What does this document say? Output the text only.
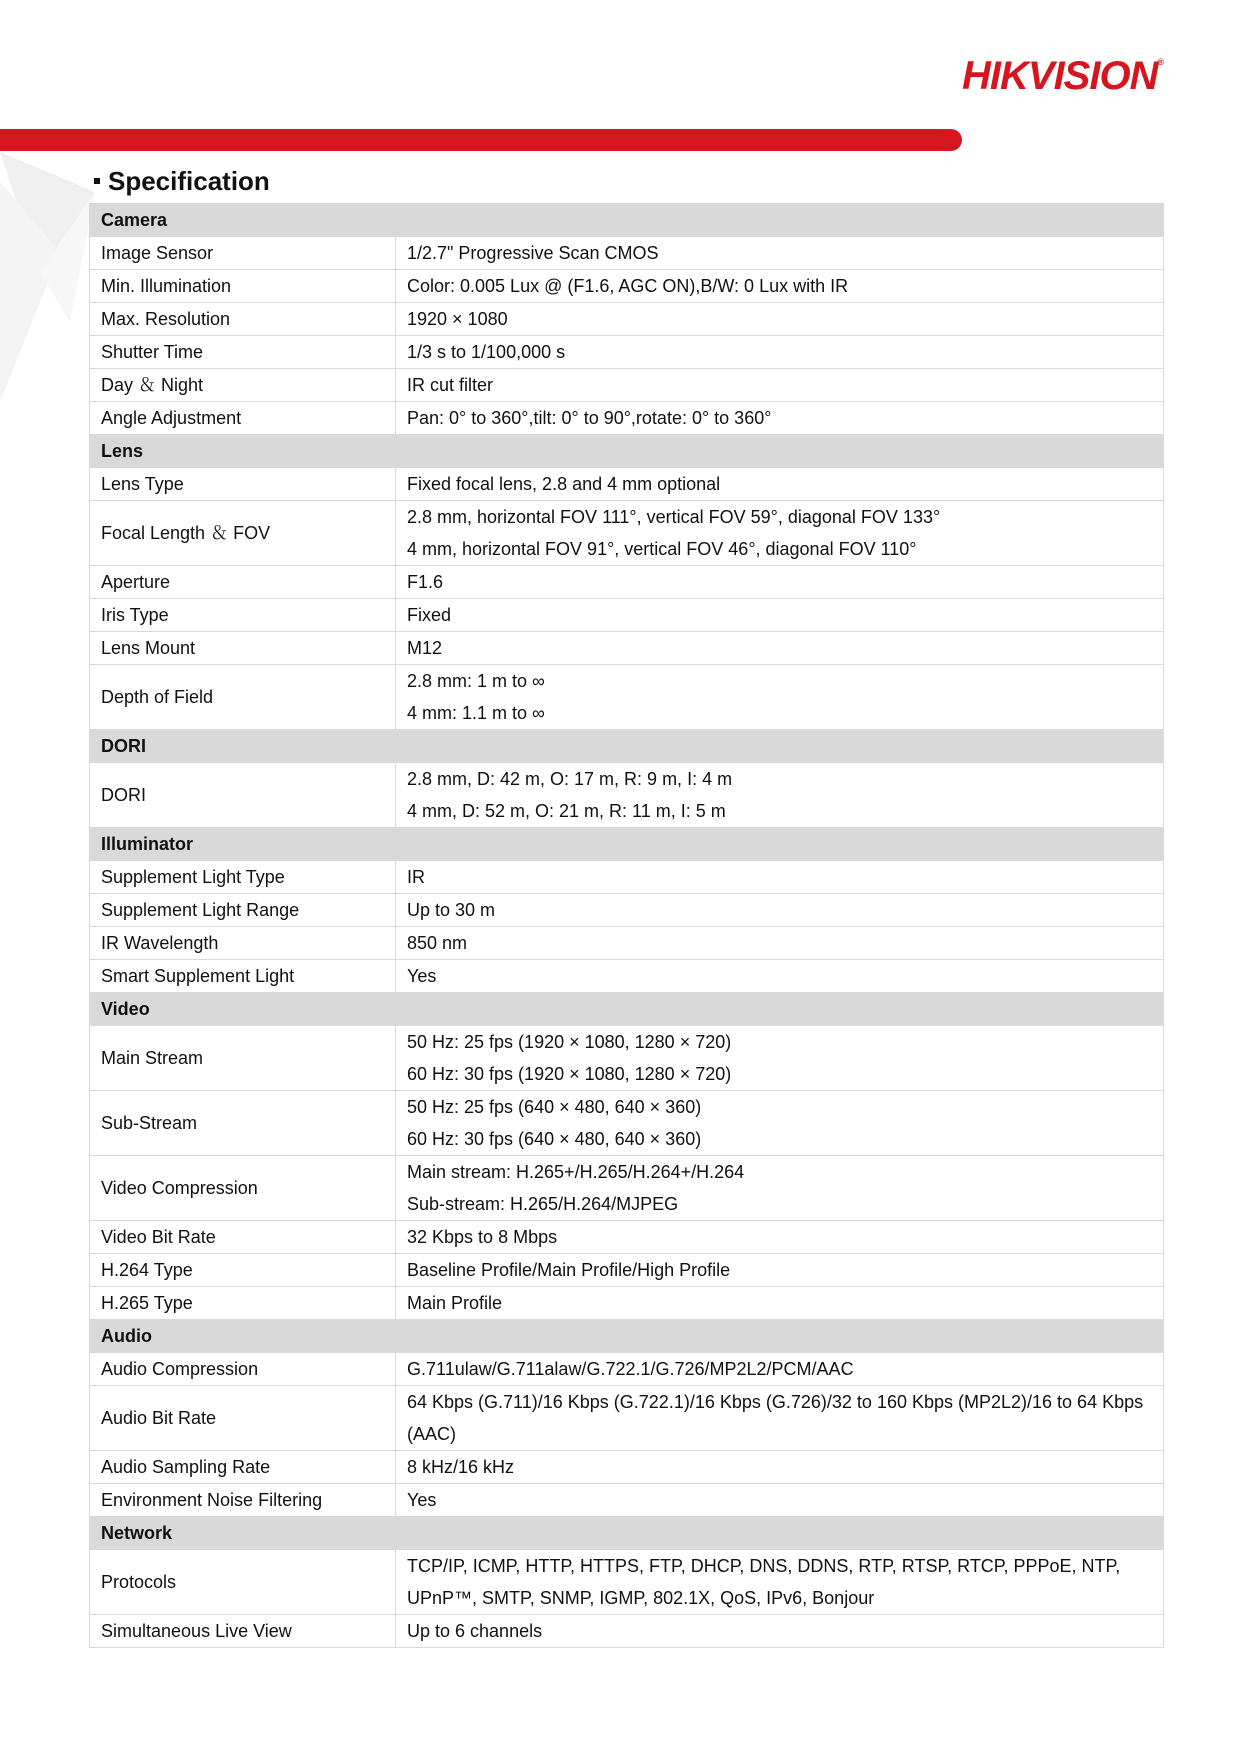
HIKVISION®
Specification
Camera	
Image Sensor	1/2.7" Progressive Scan CMOS

Min. Illumination	Color: 0.005 Lux @ (F1.6, AGC ON),B/W: 0 Lux with IR

Max. Resolution	1920 × 1080

Shutter Time	1/3 s to 1/100,000 s

Day ＆ Night	IR cut filter

Angle Adjustment	Pan: 0° to 360°,tilt: 0° to 90°,rotate: 0° to 360°

Lens	
Lens Type	Fixed focal lens, 2.8 and 4 mm optional

Focal Length ＆ FOV	2.8 mm, horizontal FOV 111°, vertical FOV 59°, diagonal FOV 133°
4 mm, horizontal FOV 91°, vertical FOV 46°, diagonal FOV 110°

Aperture	F1.6

Iris Type	Fixed

Lens Mount	M12

Depth of Field	2.8 mm: 1 m to ∞
4 mm: 1.1 m to ∞

DORI	
DORI	2.8 mm, D: 42 m, O: 17 m, R: 9 m, I: 4 m
4 mm, D: 52 m, O: 21 m, R: 11 m, I: 5 m

Illuminator	
Supplement Light Type	IR

Supplement Light Range	Up to 30 m

IR Wavelength	850 nm

Smart Supplement Light	Yes

Video	
Main Stream	50 Hz: 25 fps (1920 × 1080, 1280 × 720)
60 Hz: 30 fps (1920 × 1080, 1280 × 720)

Sub-Stream	50 Hz: 25 fps (640 × 480, 640 × 360)
60 Hz: 30 fps (640 × 480, 640 × 360)

Video Compression	Main stream: H.265+/H.265/H.264+/H.264
Sub-stream: H.265/H.264/MJPEG

Video Bit Rate	32 Kbps to 8 Mbps

H.264 Type	Baseline Profile/Main Profile/High Profile

H.265 Type	Main Profile

Audio	
Audio Compression	G.711ulaw/G.711alaw/G.722.1/G.726/MP2L2/PCM/AAC

Audio Bit Rate	64 Kbps (G.711)/16 Kbps (G.722.1)/16 Kbps (G.726)/32 to 160 Kbps (MP2L2)/16 to 64 Kbps (AAC)

Audio Sampling Rate	8 kHz/16 kHz

Environment Noise Filtering	Yes

Network	
Protocols	TCP/IP, ICMP, HTTP, HTTPS, FTP, DHCP, DNS, DDNS, RTP, RTSP, RTCP, PPPoE, NTP, UPnP™, SMTP, SNMP, IGMP, 802.1X, QoS, IPv6, Bonjour

Simultaneous Live View	Up to 6 channels
